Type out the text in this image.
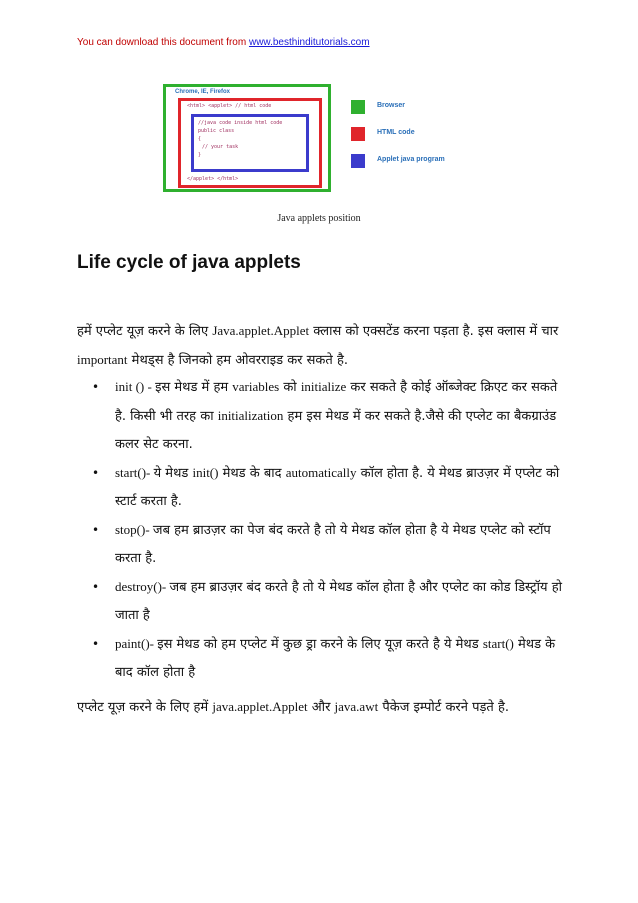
You can download this document from www.besthinditutorials.com
Chrome, IE, Firefox
<html> <applet> // html code
//java code inside html code
public class
{
// your task
}
</applet> </html>
Browser
HTML code
Applet java program
Java applets position
Life cycle of java applets
हमें एप्लेट यूज़ करने के लिए Java.applet.Applet क्लास को एक्सटेंड करना पड़ता है. इस क्लास में चार important मेथड्स है जिनको हम ओवरराइड कर सकते है.
• init () - इस मेथड में हम variables को initialize कर सकते है कोई ऑब्जेक्ट क्रिएट कर सकते है. किसी भी तरह का initialization हम इस मेथड में कर सकते है.जैसे की एप्लेट का बैकग्राउंड कलर सेट करना.
• start()- ये मेथड init() मेथड के बाद automatically कॉल होता है. ये मेथड ब्राउज़र में एप्लेट को स्टार्ट करता है.
• stop()- जब हम ब्राउज़र का पेज बंद करते है तो ये मेथड कॉल होता है ये मेथड एप्लेट को स्टॉप करता है.
• destroy()- जब हम ब्राउज़र बंद करते है तो ये मेथड कॉल होता है और एप्लेट का कोड डिस्ट्रॉय हो जाता है
• paint()- इस मेथड को हम एप्लेट में कुछ ड्रा करने के लिए यूज़ करते है ये मेथड start() मेथड के बाद कॉल होता है
एप्लेट यूज़ करने के लिए हमें java.applet.Applet और java.awt पैकेज इम्पोर्ट करने पड़ते है.
